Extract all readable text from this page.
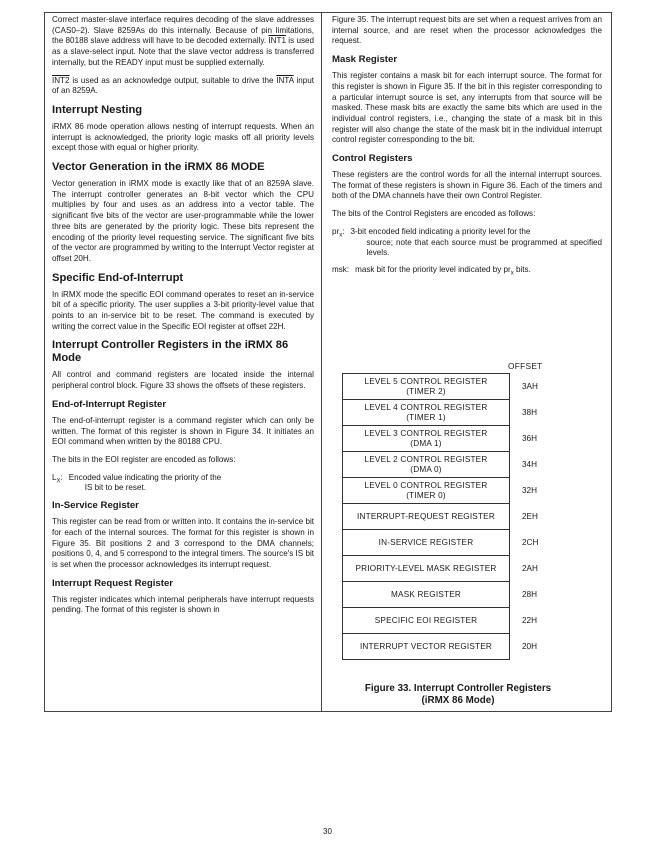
Correct master-slave interface requires decoding of the slave addresses (CAS0–2). Slave 8259As do this internally. Because of pin limitations, the 80188 slave address will have to be decoded externally. INT1 is used as a slave-select input. Note that the slave vector address is transferred internally, but the READY input must be supplied externally.

INT2 is used as an acknowledge output, suitable to drive the INTA input of an 8259A.

Interrupt Nesting

iRMX 86 mode operation allows nesting of interrupt requests. When an interrupt is acknowledged, the priority logic masks off all priority levels except those with equal or higher priority.

Vector Generation in the iRMX 86 MODE

Vector generation in iRMX mode is exactly like that of an 8259A slave. The interrupt controller generates an 8-bit vector which the CPU multiplies by four and uses as an address into a vector table. The significant five bits of the vector are user-programmable while the lower three bits are generated by the priority logic. These bits represent the encoding of the priority level requesting service. The significant five bits of the vector are programmed by writing to the Interrupt Vector register at offset 20H.

Specific End-of-Interrupt

In iRMX mode the specific EOI command operates to reset an in-service bit of a specific priority. The user supplies a 3-bit priority-level value that points to an in-service bit to be reset. The command is executed by writing the correct value in the Specific EOI register at offset 22H.

Interrupt Controller Registers in the iRMX 86 Mode

All control and command registers are located inside the internal peripheral control block. Figure 33 shows the offsets of these registers.

End-of-Interrupt Register

The end-of-interrupt register is a command register which can only be written. The format of this register is shown in Figure 34. It initiates an EOI command when written by the 80188 CPU.

The bits in the EOI register are encoded as follows:

$L_X$: Encoded value indicating the priority of the
IS bit to be reset.
In-Service Register

This register can be read from or written into. It contains the in-service bit for each of the internal sources. The format for this register is shown in Figure 35. Bit positions 2 and 3 correspond to the DMA channels; positions 0, 4, and 5 correspond to the integral timers. The source's IS bit is set when the processor acknowledges its interrupt request.

Interrupt Request Register

This register indicates which internal peripherals have interrupt requests pending. The format of this register is shown in

Figure 35. The interrupt request bits are set when a request arrives from an internal source, and are reset when the processor acknowledges the request.

Mask Register

This register contains a mask bit for each interrupt source. The format for this register is shown in Figure 35. If the bit in this register corresponding to a particular interrupt source is set, any interrupts from that source will be masked. These mask bits are exactly the same bits which are used in the individual control registers, i.e., changing the state of a mask bit in this register will also change the state of the mask bit in the individual interrupt control register corresponding to the bit.

Control Registers

These registers are the control words for all the internal interrupt sources. The format of these registers is shown in Figure 36. Each of the timers and both of the DMA channels have their own Control Register.

The bits of the Control Registers are encoded as follows:

$pr_x$: 3-bit encoded field indicating a priority level for the
source; note that each source must be programmed at specified levels.
msk: mask bit for the priority level indicated by $pr_x$ bits.
OFFSET
LEVEL 5 CONTROL REGISTER
(TIMER 2)
LEVEL 4 CONTROL REGISTER
(TIMER 1)
LEVEL 3 CONTROL REGISTER
(DMA 1)
LEVEL 2 CONTROL REGISTER
(DMA 0)
LEVEL 0 CONTROL REGISTER
(TIMER 0)
INTERRUPT-REQUEST REGISTER
IN-SERVICE REGISTER
PRIORITY-LEVEL MASK REGISTER
MASK REGISTER
SPECIFIC EOI REGISTER
INTERRUPT VECTOR REGISTER
3AH
38H
36H
34H
32H
2EH
2CH
2AH
28H
22H
20H
Figure 33. Interrupt Controller Registers
(iRMX 86 Mode)
30
